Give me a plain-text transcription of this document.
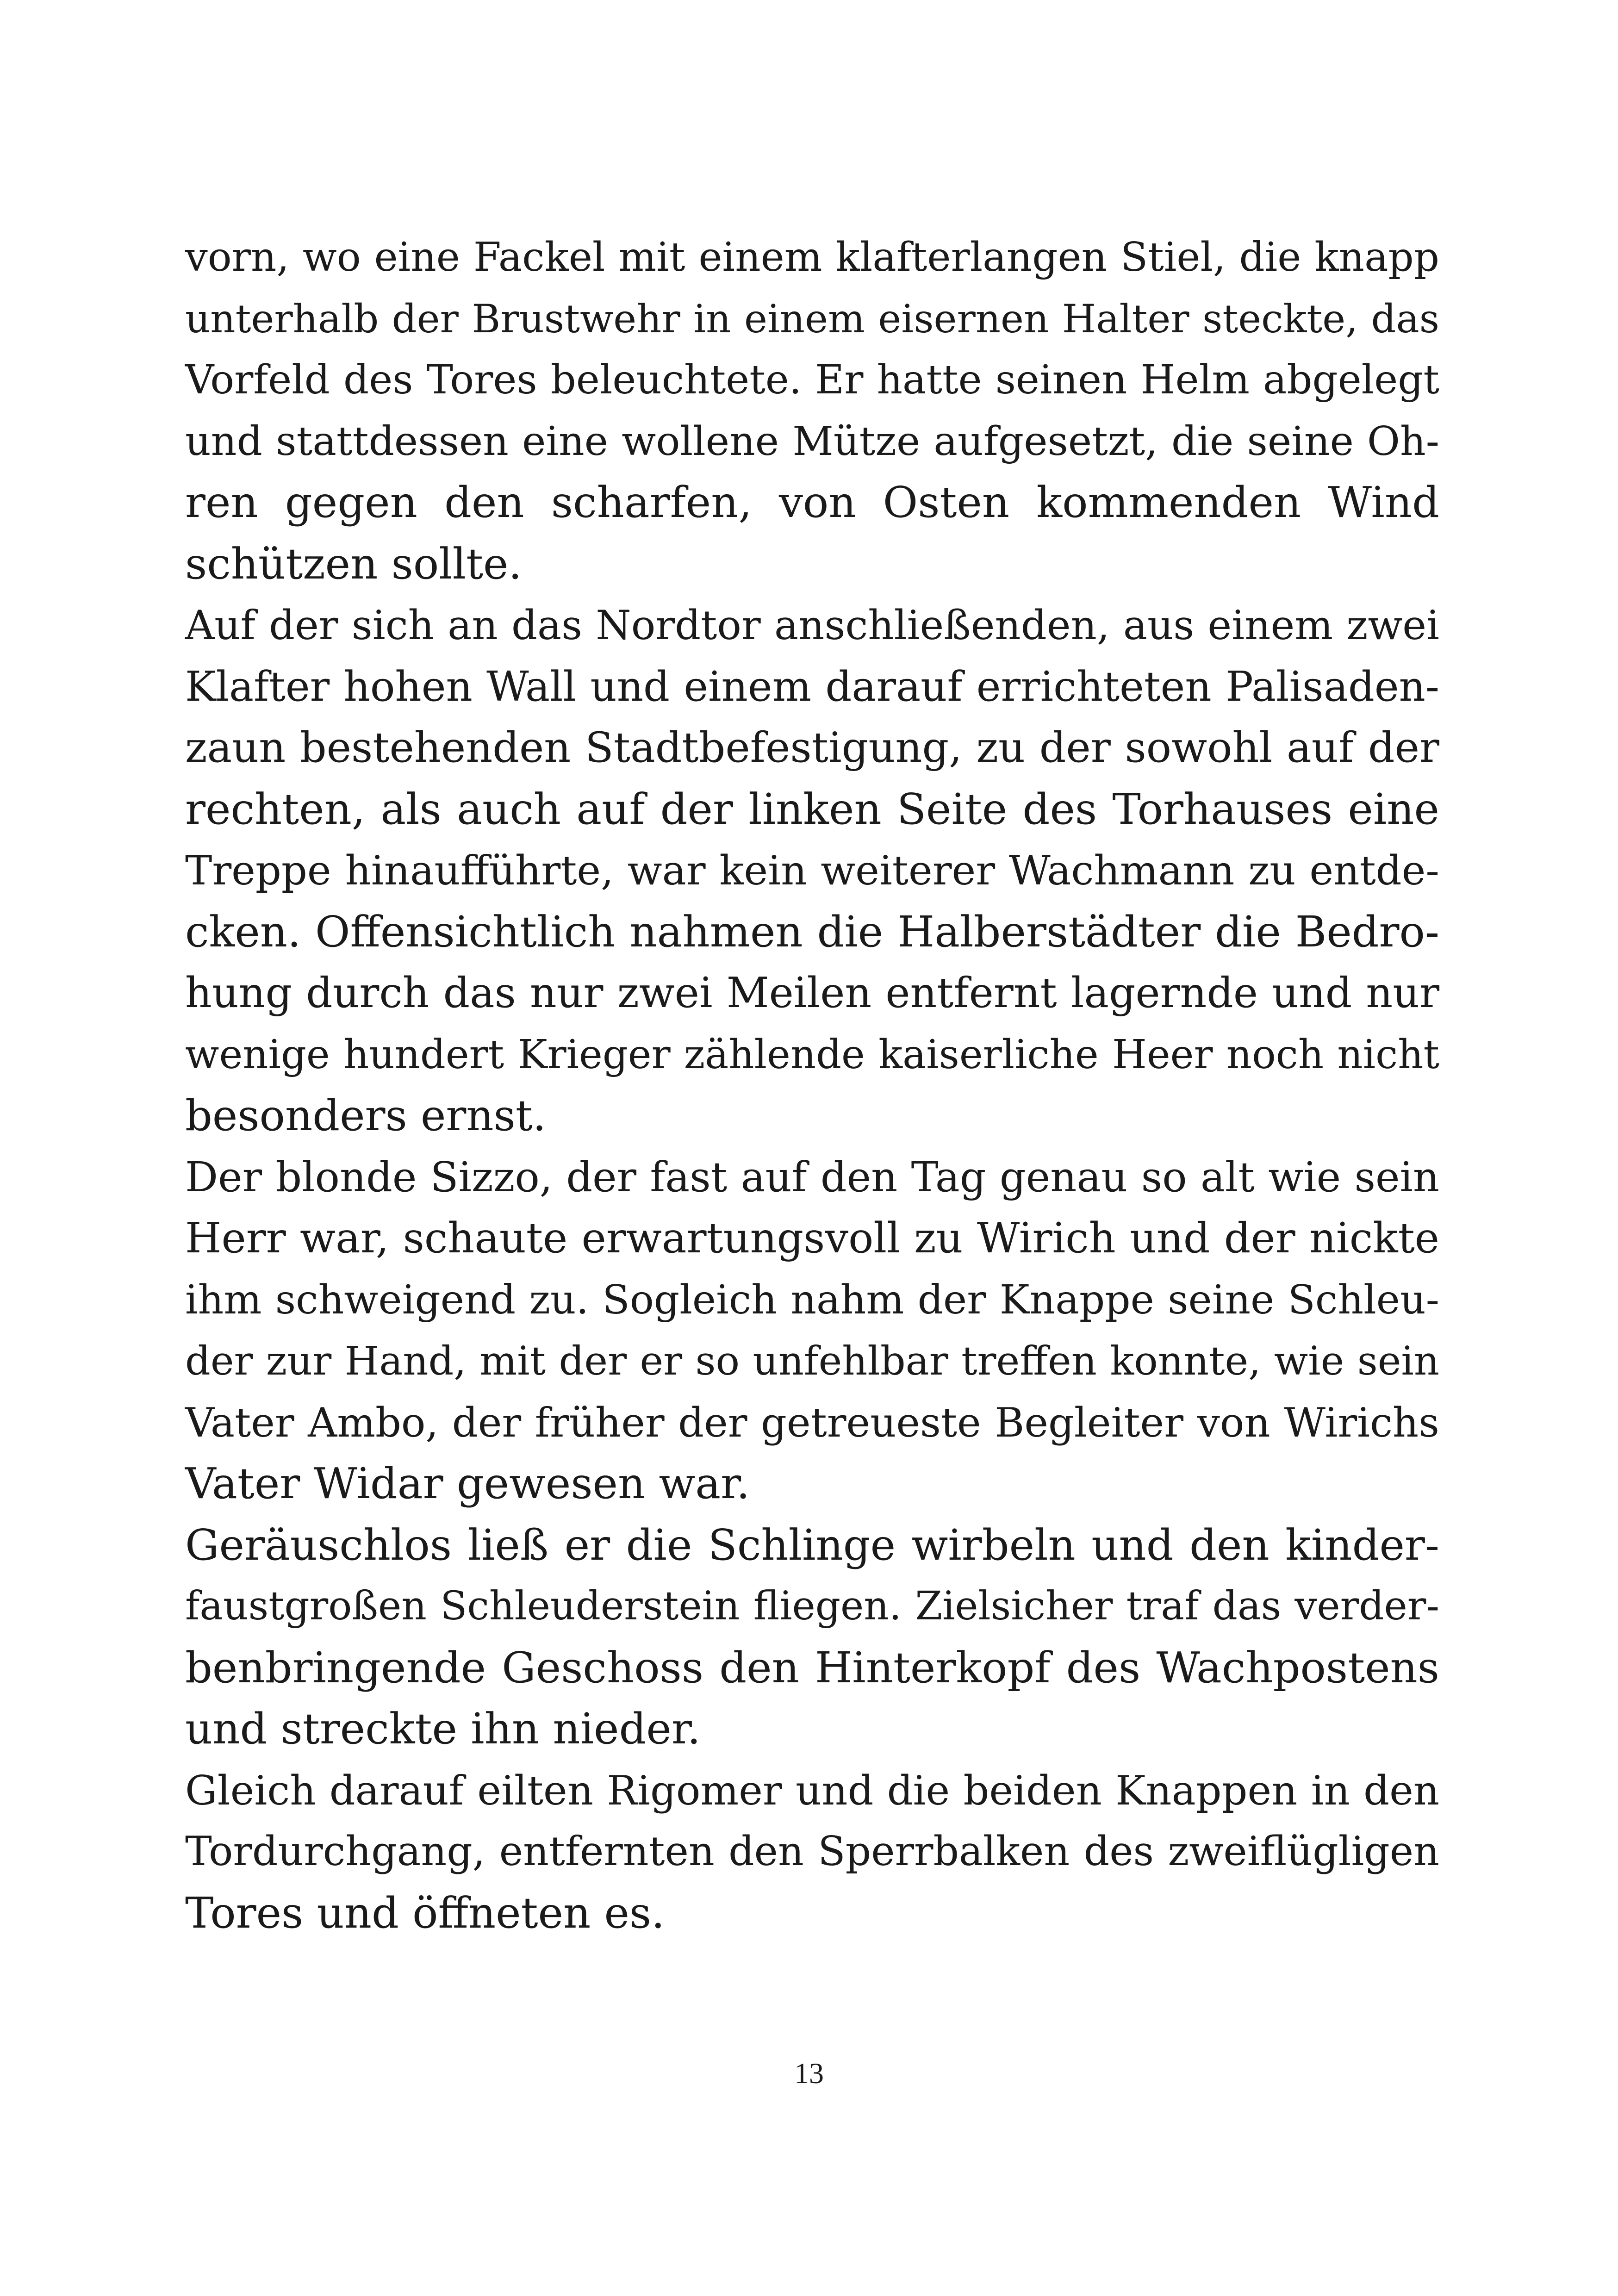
vorn, wo eine Fackel mit einem klafterlangen Stiel, die knapp
unterhalb der Brustwehr in einem eisernen Halter steckte, das
Vorfeld des Tores beleuchtete. Er hatte seinen Helm abgelegt
und stattdessen eine wollene Mütze aufgesetzt, die seine Oh-
ren gegen den scharfen, von Osten kommenden Wind
schützen sollte.
Auf der sich an das Nordtor anschließenden, aus einem zwei
Klafter hohen Wall und einem darauf errichteten Palisaden-
zaun bestehenden Stadtbefestigung, zu der sowohl auf der
rechten, als auch auf der linken Seite des Torhauses eine
Treppe hinaufführte, war kein weiterer Wachmann zu entde-
cken. Offensichtlich nahmen die Halberstädter die Bedro-
hung durch das nur zwei Meilen entfernt lagernde und nur
wenige hundert Krieger zählende kaiserliche Heer noch nicht
besonders ernst.
Der blonde Sizzo, der fast auf den Tag genau so alt wie sein
Herr war, schaute erwartungsvoll zu Wirich und der nickte
ihm schweigend zu. Sogleich nahm der Knappe seine Schleu-
der zur Hand, mit der er so unfehlbar treffen konnte, wie sein
Vater Ambo, der früher der getreueste Begleiter von Wirichs
Vater Widar gewesen war.
Geräuschlos ließ er die Schlinge wirbeln und den kinder-
faustgroßen Schleuderstein fliegen. Zielsicher traf das verder-
benbringende Geschoss den Hinterkopf des Wachpostens
und streckte ihn nieder.
Gleich darauf eilten Rigomer und die beiden Knappen in den
Tordurchgang, entfernten den Sperrbalken des zweiflügligen
Tores und öffneten es.
13
